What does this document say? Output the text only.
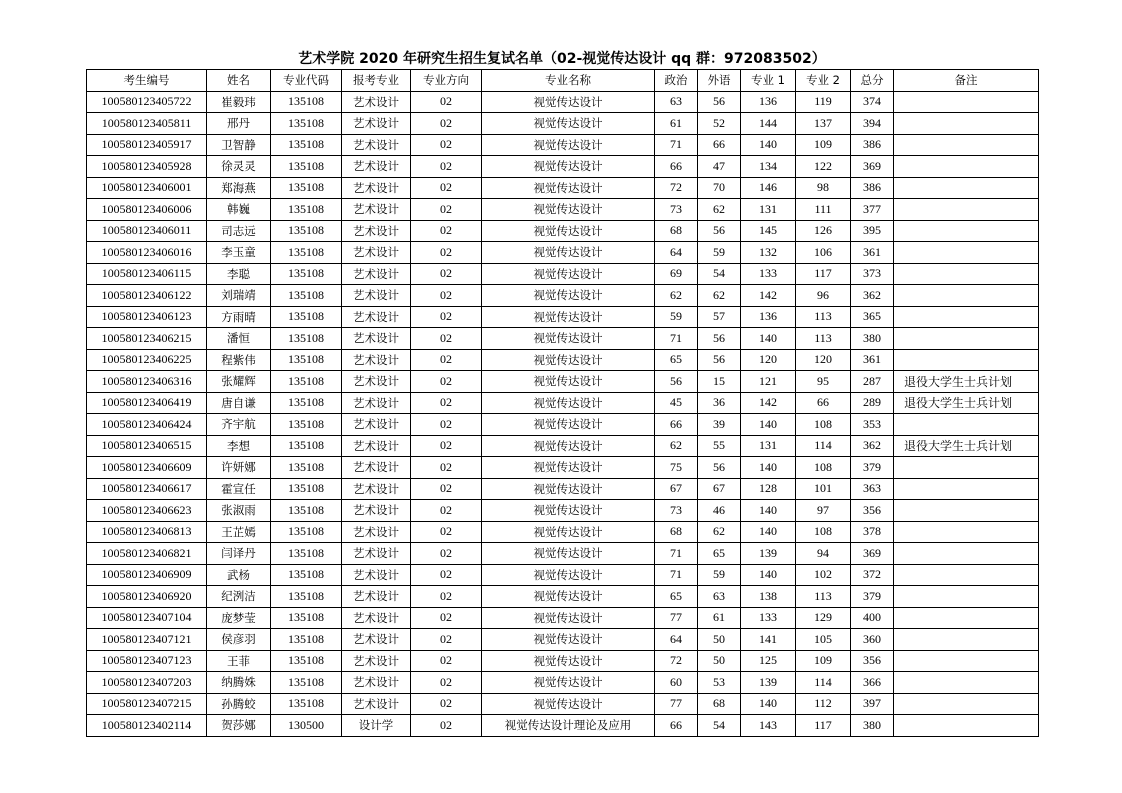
艺术学院 2020 年研究生招生复试名单（02-视觉传达设计 qq 群：972083502）
考生编号	姓名	专业代码	报考专业	专业方向	专业名称	政治	外语	专业 1	专业 2	总分	备注
100580123405722	崔毅玮	135108	艺术设计	02	视觉传达设计	63	56	136	119	374	
100580123405811	邢丹	135108	艺术设计	02	视觉传达设计	61	52	144	137	394	
100580123405917	卫智静	135108	艺术设计	02	视觉传达设计	71	66	140	109	386	
100580123405928	徐灵灵	135108	艺术设计	02	视觉传达设计	66	47	134	122	369	
100580123406001	郑海燕	135108	艺术设计	02	视觉传达设计	72	70	146	98	386	
100580123406006	韩巍	135108	艺术设计	02	视觉传达设计	73	62	131	111	377	
100580123406011	司志远	135108	艺术设计	02	视觉传达设计	68	56	145	126	395	
100580123406016	李玉童	135108	艺术设计	02	视觉传达设计	64	59	132	106	361	
100580123406115	李聪	135108	艺术设计	02	视觉传达设计	69	54	133	117	373	
100580123406122	刘瑞靖	135108	艺术设计	02	视觉传达设计	62	62	142	96	362	
100580123406123	方雨晴	135108	艺术设计	02	视觉传达设计	59	57	136	113	365	
100580123406215	潘恒	135108	艺术设计	02	视觉传达设计	71	56	140	113	380	
100580123406225	程紫伟	135108	艺术设计	02	视觉传达设计	65	56	120	120	361	
100580123406316	张耀辉	135108	艺术设计	02	视觉传达设计	56	15	121	95	287	退役大学生士兵计划
100580123406419	唐自谦	135108	艺术设计	02	视觉传达设计	45	36	142	66	289	退役大学生士兵计划
100580123406424	齐宇航	135108	艺术设计	02	视觉传达设计	66	39	140	108	353	
100580123406515	李想	135108	艺术设计	02	视觉传达设计	62	55	131	114	362	退役大学生士兵计划
100580123406609	许妍娜	135108	艺术设计	02	视觉传达设计	75	56	140	108	379	
100580123406617	霍宣任	135108	艺术设计	02	视觉传达设计	67	67	128	101	363	
100580123406623	张淑雨	135108	艺术设计	02	视觉传达设计	73	46	140	97	356	
100580123406813	王芷嫣	135108	艺术设计	02	视觉传达设计	68	62	140	108	378	
100580123406821	闫译丹	135108	艺术设计	02	视觉传达设计	71	65	139	94	369	
100580123406909	武杨	135108	艺术设计	02	视觉传达设计	71	59	140	102	372	
100580123406920	纪洌洁	135108	艺术设计	02	视觉传达设计	65	63	138	113	379	
100580123407104	庞梦莹	135108	艺术设计	02	视觉传达设计	77	61	133	129	400	
100580123407121	侯彦羽	135108	艺术设计	02	视觉传达设计	64	50	141	105	360	
100580123407123	王菲	135108	艺术设计	02	视觉传达设计	72	50	125	109	356	
100580123407203	纳腾姝	135108	艺术设计	02	视觉传达设计	60	53	139	114	366	
100580123407215	孙腾蛟	135108	艺术设计	02	视觉传达设计	77	68	140	112	397	
100580123402114	贺莎娜	130500	设计学	02	视觉传达设计理论及应用	66	54	143	117	380	
